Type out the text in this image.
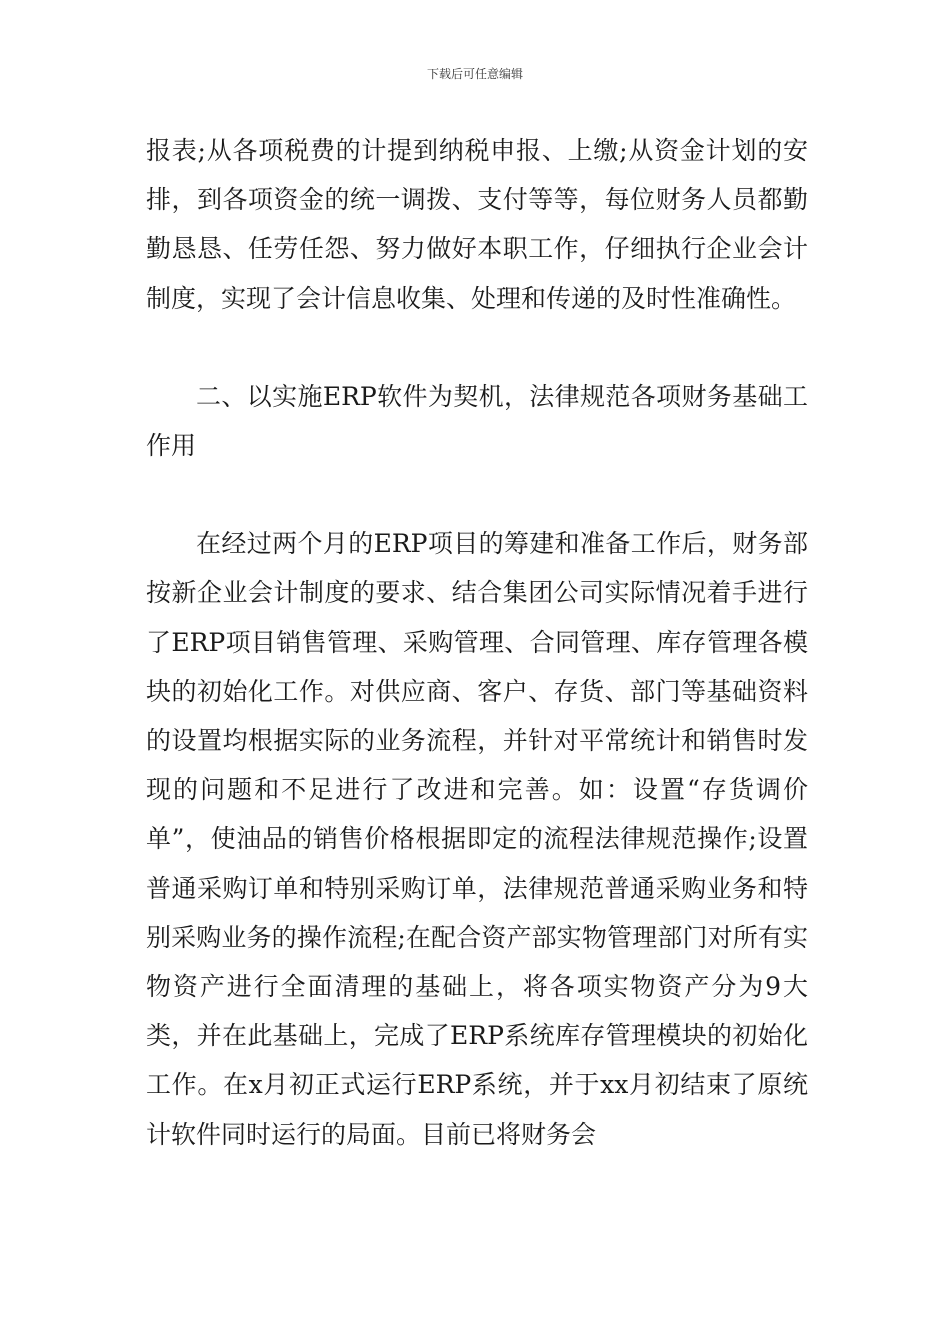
下载后可任意编辑

报表;从各项税费的计提到纳税申报、上缴;从资金计划的安排，到各项资金的统一调拨、支付等等，每位财务人员都勤勤恳恳、任劳任怨、努力做好本职工作，仔细执行企业会计制度，实现了会计信息收集、处理和传递的及时性准确性。

二、以实施ERP软件为契机，法律规范各项财务基础工作用

在经过两个月的ERP项目的筹建和准备工作后，财务部按新企业会计制度的要求、结合集团公司实际情况着手进行了ERP项目销售管理、采购管理、合同管理、库存管理各模块的初始化工作。对供应商、客户、存货、部门等基础资料的设置均根据实际的业务流程，并针对平常统计和销售时发现的问题和不足进行了改进和完善。如：设置“存货调价单”，使油品的销售价格根据即定的流程法律规范操作;设置普通采购订单和特别采购订单，法律规范普通采购业务和特别采购业务的操作流程;在配合资产部实物管理部门对所有实物资产进行全面清理的基础上，将各项实物资产分为9大类，并在此基础上，完成了ERP系统库存管理模块的初始化工作。在x月初正式运行ERP系统，并于xx月初结束了原统计软件同时运行的局面。目前已将财务会
